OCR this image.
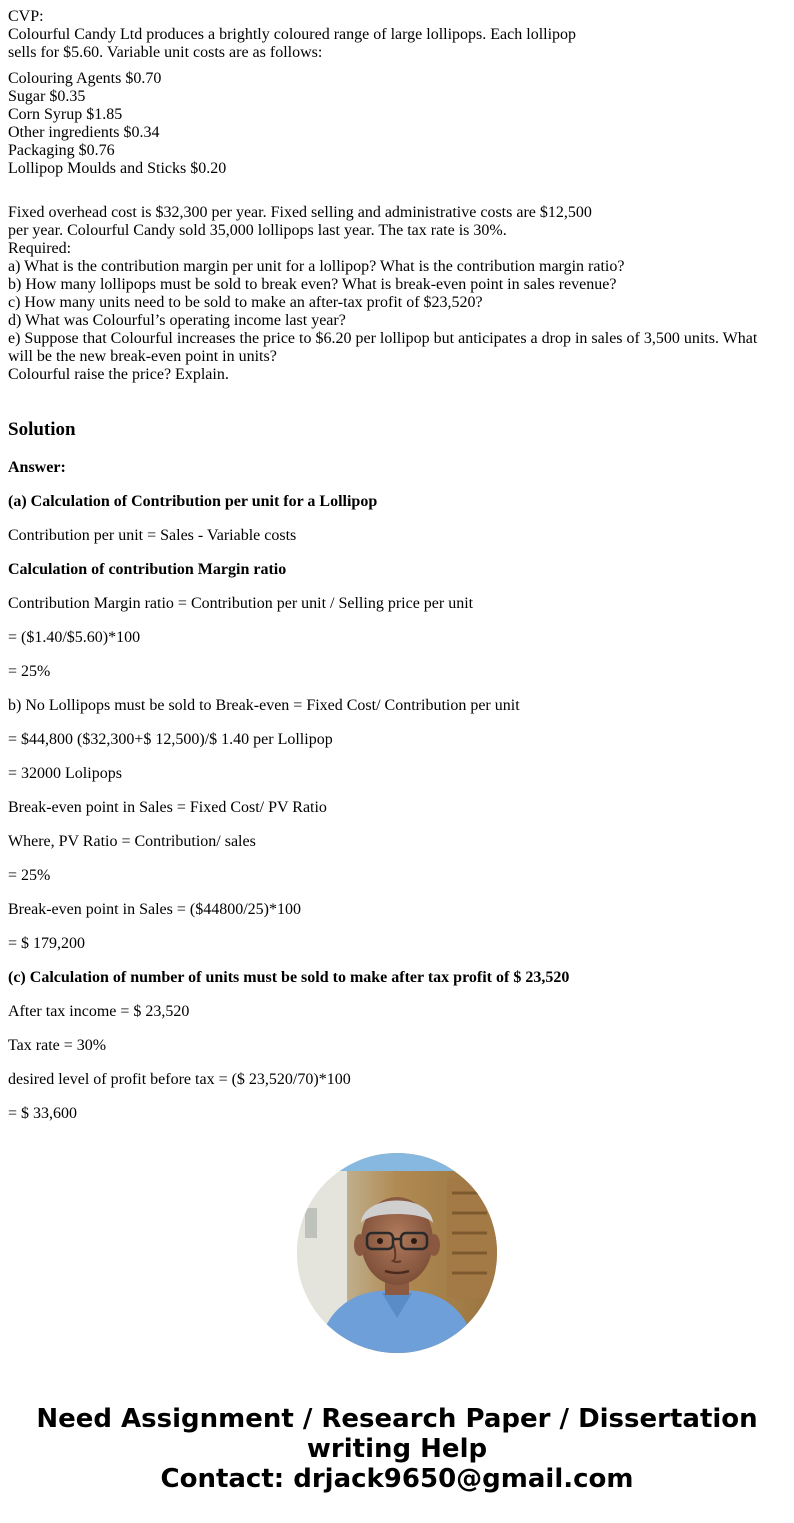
CVP:
Colourful Candy Ltd produces a brightly coloured range of large lollipops. Each lollipop
sells for $5.60. Variable unit costs are as follows:
Colouring Agents $0.70
Sugar $0.35
Corn Syrup $1.85
Other ingredients $0.34
Packaging $0.76
Lollipop Moulds and Sticks $0.20
Fixed overhead cost is $32,300 per year. Fixed selling and administrative costs are $12,500
per year. Colourful Candy sold 35,000 lollipops last year. The tax rate is 30%.
Required:
a) What is the contribution margin per unit for a lollipop? What is the contribution margin ratio?
b) How many lollipops must be sold to break even? What is break-even point in sales revenue?
c) How many units need to be sold to make an after-tax profit of $23,520?
d) What was Colourful’s operating income last year?
e) Suppose that Colourful increases the price to $6.20 per lollipop but anticipates a drop in sales of 3,500 units. What
will be the new break-even point in units?
Colourful raise the price? Explain.
Solution
Answer:
(a) Calculation of Contribution per unit for a Lollipop
Contribution per unit = Sales - Variable costs
Calculation of contribution Margin ratio
Contribution Margin ratio = Contribution per unit / Selling price per unit
= ($1.40/$5.60)*100
= 25%
b) No Lollipops must be sold to Break-even = Fixed Cost/ Contribution per unit
= $44,800 ($32,300+$ 12,500)/$ 1.40 per Lollipop
= 32000 Lolipops
Break-even point in Sales = Fixed Cost/ PV Ratio
Where, PV Ratio = Contribution/ sales
= 25%
Break-even point in Sales = ($44800/25)*100
= $ 179,200
(c) Calculation of number of units must be sold to make after tax profit of $ 23,520
After tax income = $ 23,520
Tax rate = 30%
desired level of profit before tax = ($ 23,520/70)*100
= $ 33,600
Need Assignment / Research Paper / Dissertation
writing Help
Contact: drjack9650@gmail.com
